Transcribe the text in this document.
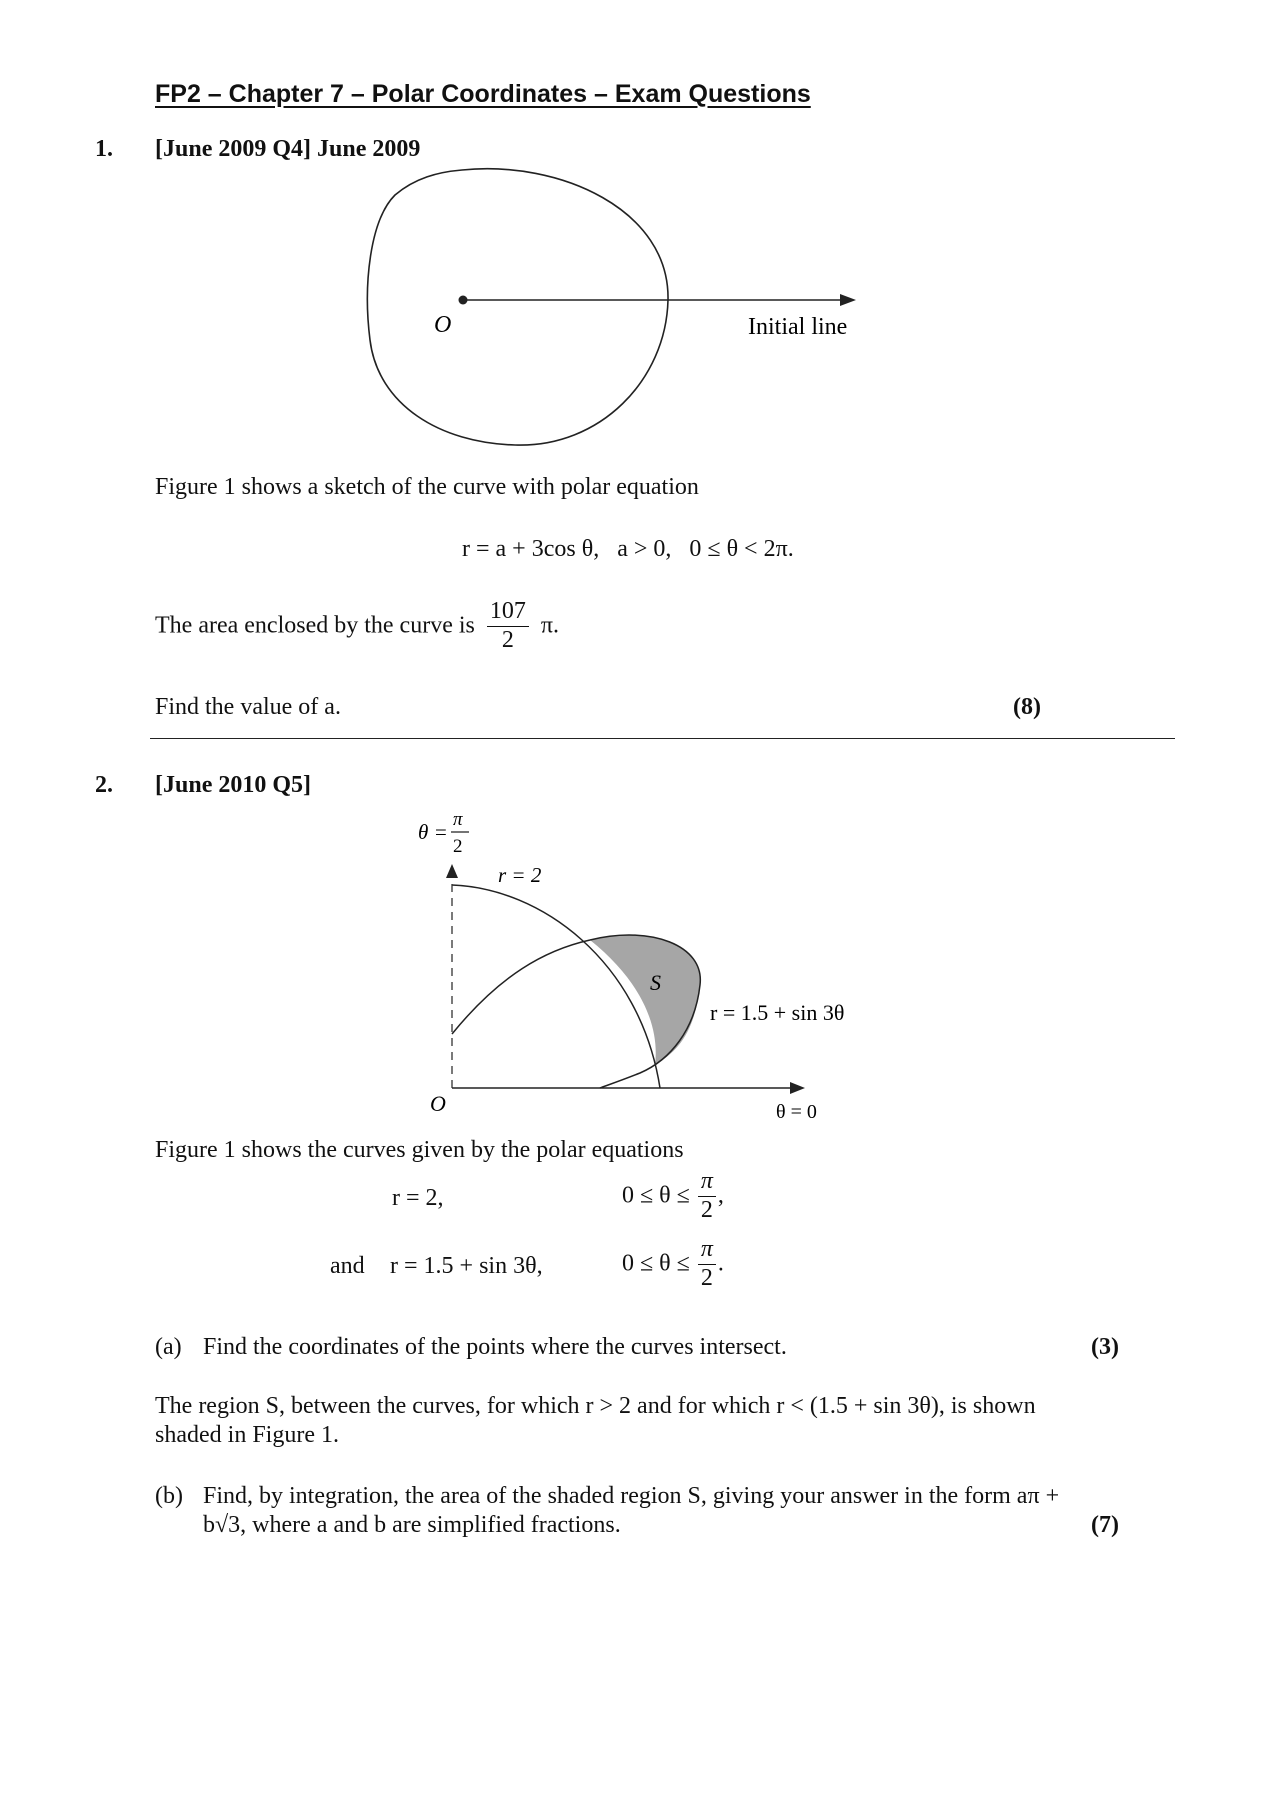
FP2 – Chapter 7 – Polar Coordinates – Exam Questions
1. [June 2009 Q4] June 2009
O	Initial line
Figure 1 shows a sketch of the curve with polar equation
r = a + 3cos θ, a > 0, 0 ≤ θ < 2π.
The area enclosed by the curve is $\frac{107}{2} \pi$.
Find the value of a.	(8)
2. [June 2010 Q5]
θ =
π
2
r = 2
S
r = 1.5 + sin 3θ
O	θ = 0
Figure 1 shows the curves given by the polar equations
r = 2,	$0 \le \theta \le \frac{\pi}{2}$ ,
and r = 1.5 + sin 3θ,	$0 \le \theta \le \frac{\pi}{2}$ .
(a) Find the coordinates of the points where the curves intersect.	(3)
The region S, between the curves, for which r > 2 and for which r < (1.5 + sin 3θ), is shown
shaded in Figure 1.
(b) Find, by integration, the area of the shaded region S, giving your answer in the form aπ +
b√3, where a and b are simplified fractions.	(7)
